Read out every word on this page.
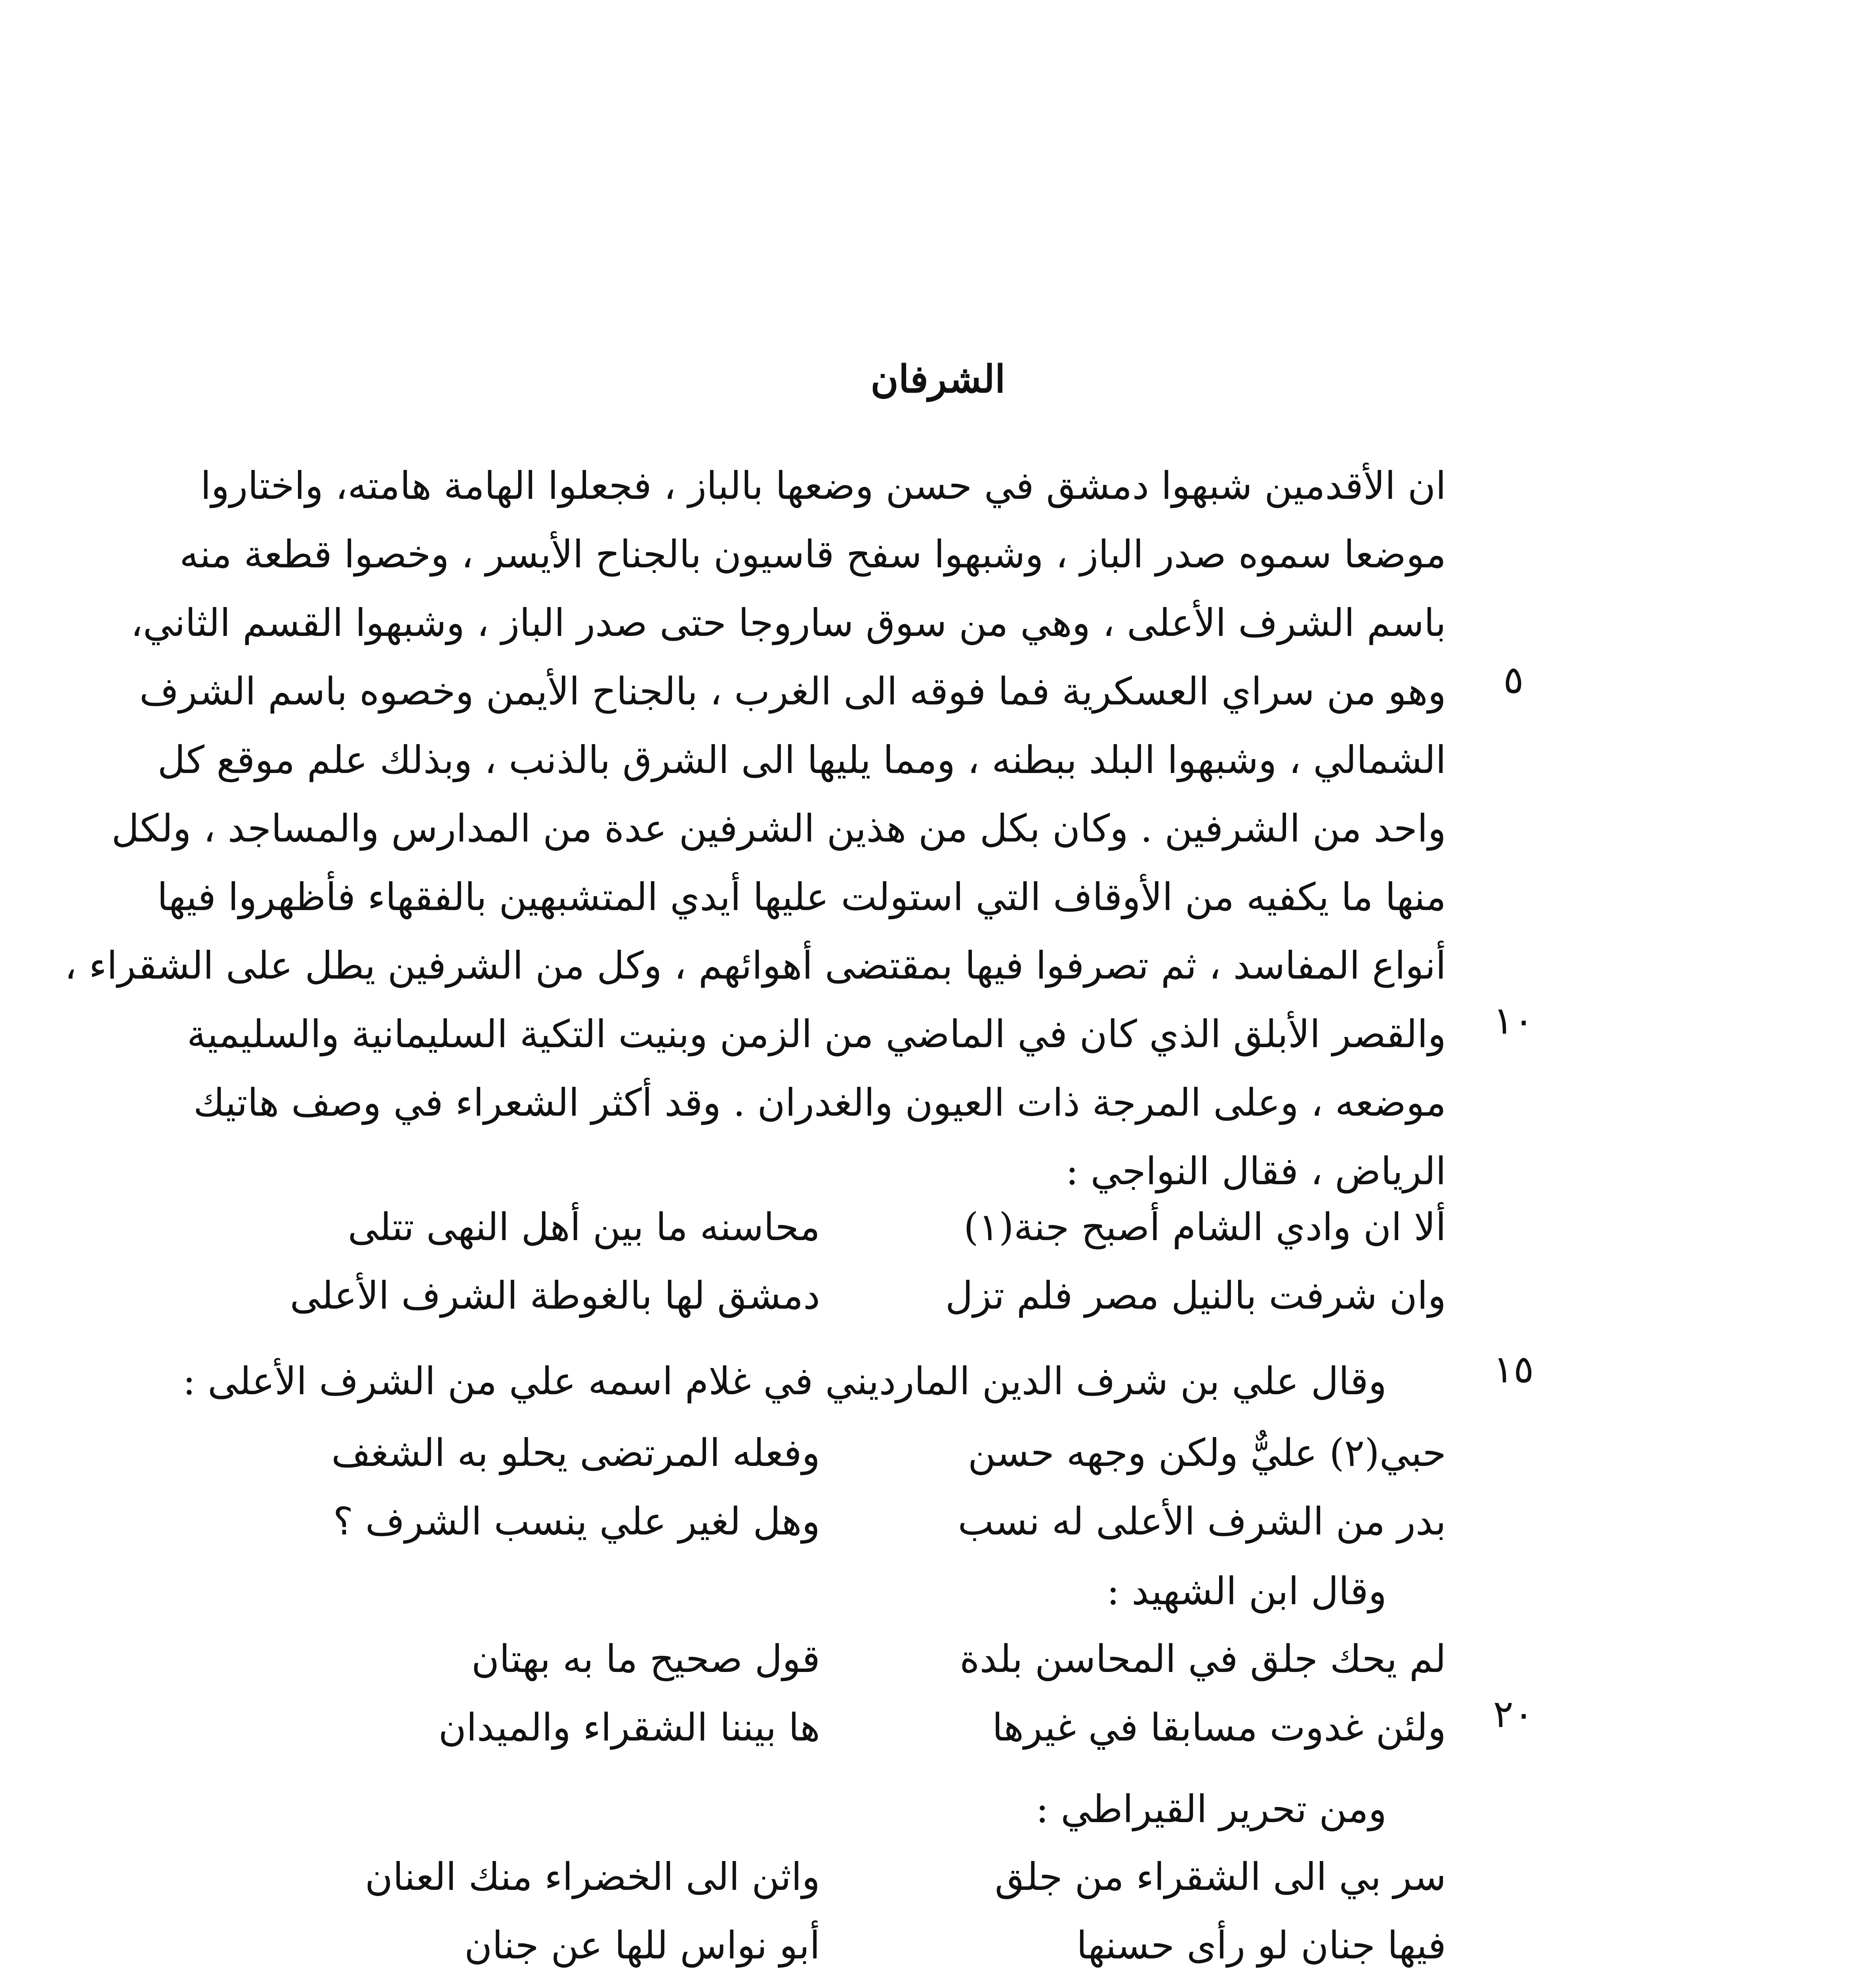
الشرفان
ان الأقدمين شبهوا دمشق في حسن وضعها بالباز ، فجعلوا الهامة هامته، واختاروا
موضعا سموه صدر الباز ، وشبهوا سفح قاسيون بالجناح الأيسر ، وخصوا قطعة منه
باسم الشرف الأعلى ، وهي من سوق ساروجا حتى صدر الباز ، وشبهوا القسم الثاني،
وهو من سراي العسكرية فما فوقه الى الغرب ، بالجناح الأيمن وخصوه باسم الشرف
الشمالي ، وشبهوا البلد ببطنه ، ومما يليها الى الشرق بالذنب ، وبذلك علم موقع كل
واحد من الشرفين . وكان بكل من هذين الشرفين عدة من المدارس والمساجد ، ولكل
منها ما يكفيه من الأوقاف التي استولت عليها أيدي المتشبهين بالفقهاء فأظهروا فيها
أنواع المفاسد ، ثم تصرفوا فيها بمقتضى أهوائهم ، وكل من الشرفين يطل على الشقراء ،
والقصر الأبلق الذي كان في الماضي من الزمن وبنيت التكية السليمانية والسليمية
موضعه ، وعلى المرجة ذات العيون والغدران . وقد أكثر الشعراء في وصف هاتيك
الرياض ، فقال النواجي :
٥
١٠
١٥
٢٠
ألا ان وادي الشام أصبح جنة(١)
محاسنه ما بين أهل النهى تتلى
وان شرفت بالنيل مصر فلم تزل
دمشق لها بالغوطة الشرف الأعلى
وقال علي بن شرف الدين المارديني في غلام اسمه علي من الشرف الأعلى :
حبي(٢) عليٌّ ولكن وجهه حسن
وفعله المرتضى يحلو به الشغف
بدر من الشرف الأعلى له نسب
وهل لغير علي ينسب الشرف ؟
وقال ابن الشهيد :
لم يحك جلق في المحاسن بلدة
قول صحيح ما به بهتان
ولئن غدوت مسابقا في غيرها
ها بيننا الشقراء والميدان
ومن تحرير القيراطي :
سر بي الى الشقراء من جلق
واثن الى الخضراء منك العنان
فيها جنان لو رأى حسنها
أبو نواس للها عن جنان
